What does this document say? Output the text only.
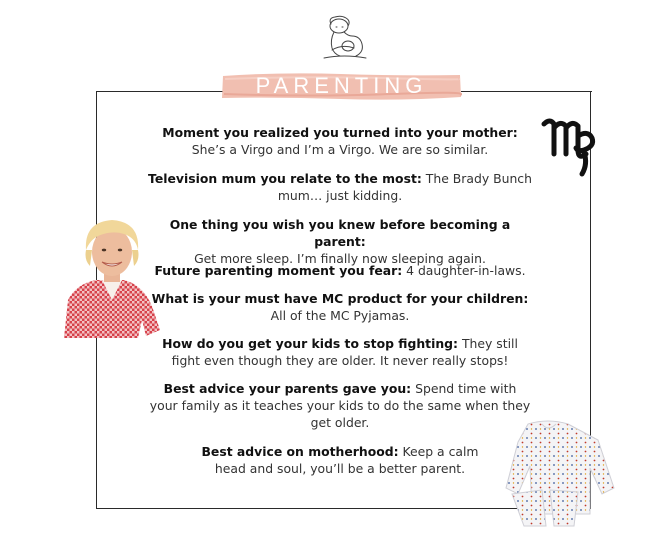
PARENTING
Moment you realized you turned into your mother:
She’s a Virgo and I’m a Virgo. We are so similar.
Television mum you relate to the most: The Brady Bunch mum… just kidding.
One thing you wish you knew before becoming a parent:
Get more sleep. I’m finally now sleeping again.
Future parenting moment you fear: 4 daughter-in-laws.
What is your must have MC product for your children: All of the MC Pyjamas.
How do you get your kids to stop fighting: They still fight even though they are older. It never really stops!
Best advice your parents gave you: Spend time with your family as it teaches your kids to do the same when they get older.
Best advice on motherhood: Keep a calm head and soul, you’ll be a better parent.
